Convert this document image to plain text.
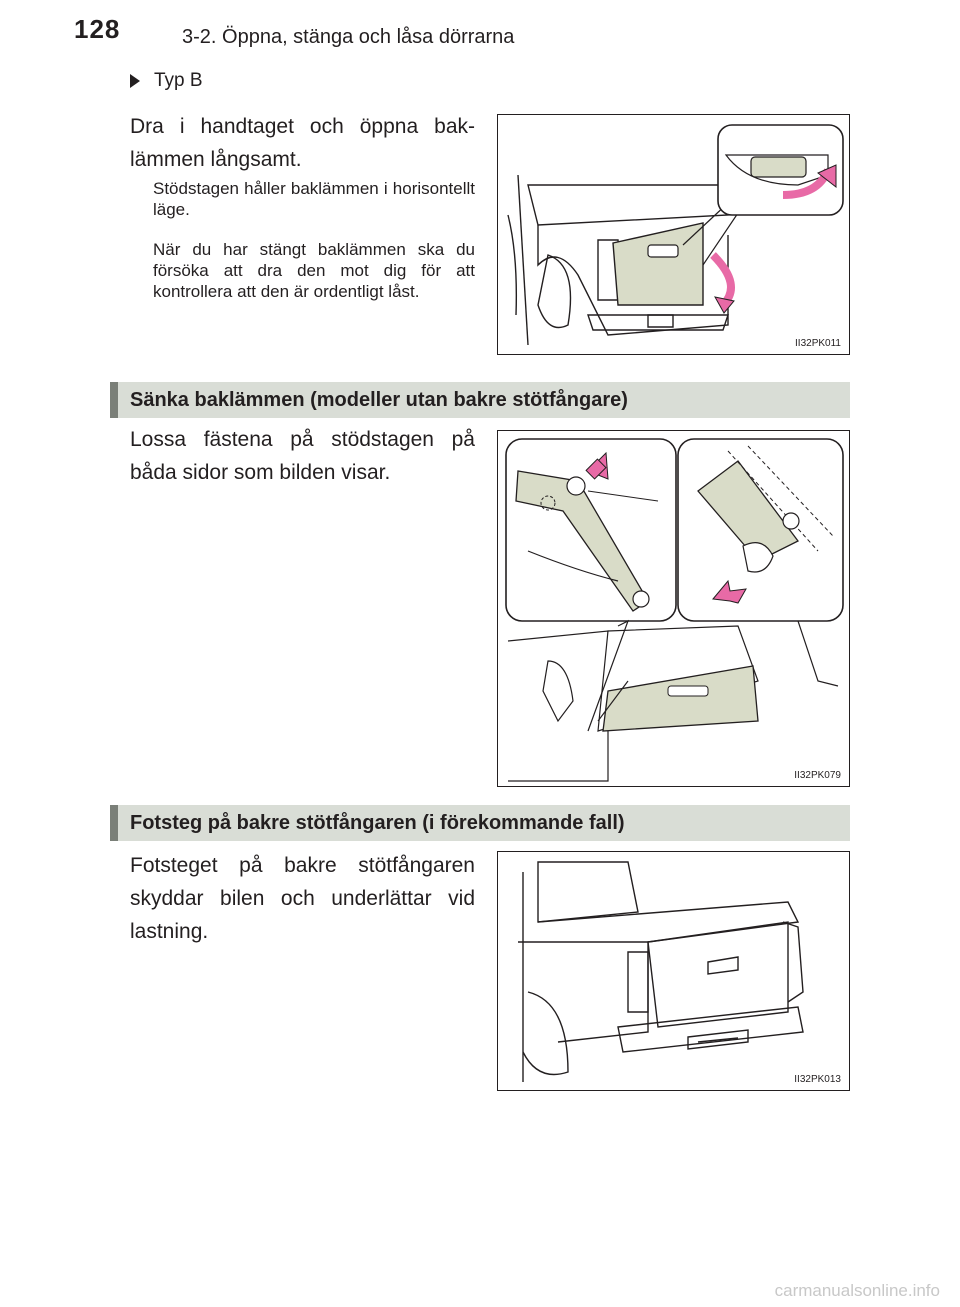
128	3-2. Öppna, stänga och låsa dörrarna
Typ B
Dra i handtaget och öppna bak-lämmen långsamt.
Stödstagen håller baklämmen i horisontellt läge.
När du har stängt baklämmen ska du försöka att dra den mot dig för att kontrollera att den är ordentligt låst.
II32PK011
Sänka baklämmen (modeller utan bakre stötfångare)
Lossa fästena på stödstagen på båda sidor som bilden visar.
II32PK079
Fotsteg på bakre stötfångaren (i förekommande fall)
Fotsteget på bakre stötfångaren skyddar bilen och underlättar vid lastning.
II32PK013
carmanualsonline.info
